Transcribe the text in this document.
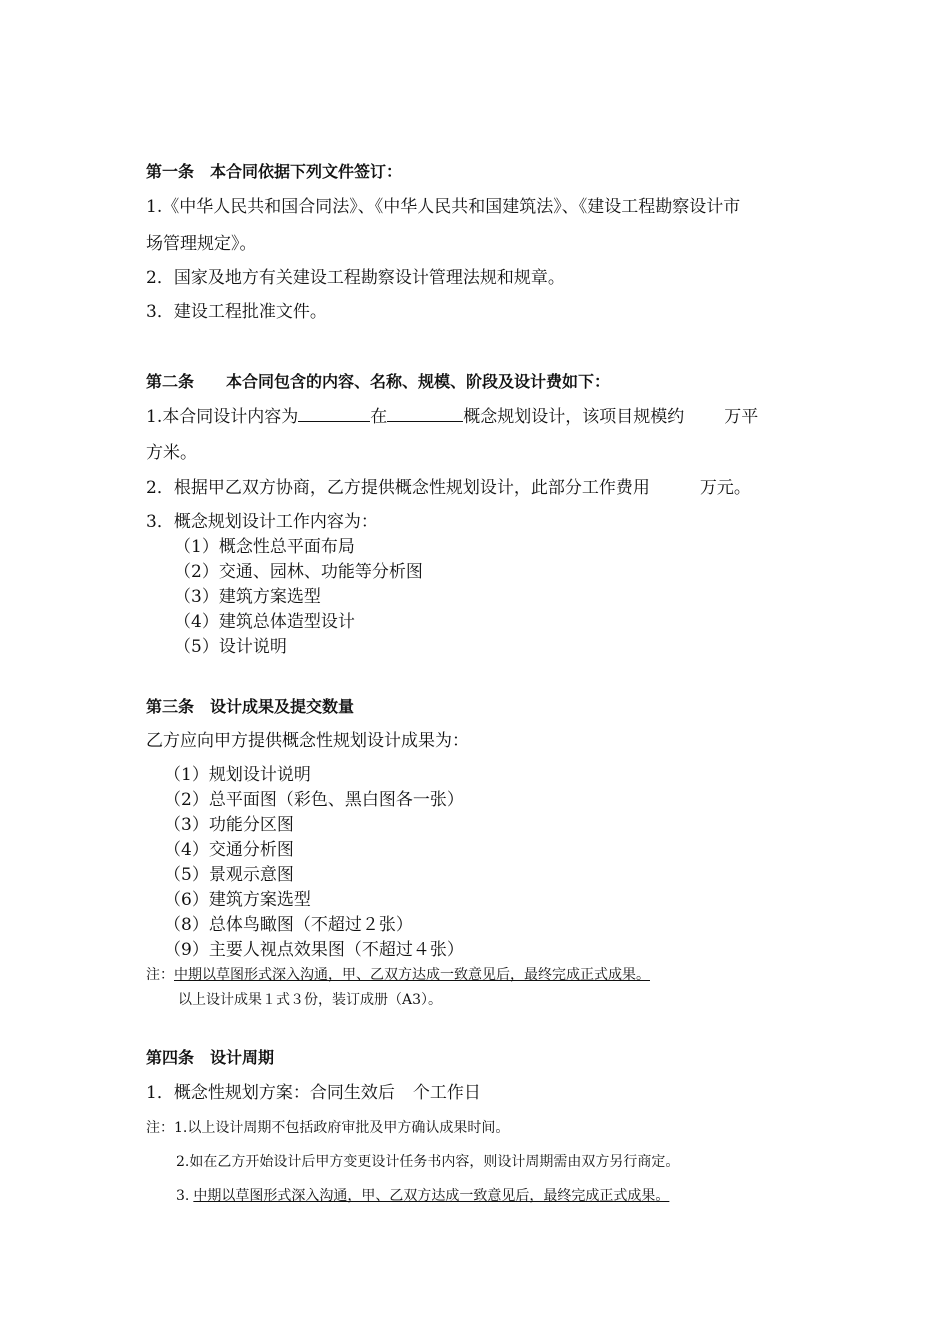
第一条　本合同依据下列文件签订：
1.《中华人民共和国合同法》、《中华人民共和国建筑法》、《建设工程勘察设计市
场管理规定》。
2．国家及地方有关建设工程勘察设计管理法规和规章。
3．建设工程批准文件。
第二条　　本合同包含的内容、名称、规模、阶段及设计费如下：
1.本合同设计内容为	在	概念规划设计，该项目规模约 万平
方米。
2．根据甲乙双方协商，乙方提供概念性规划设计，此部分工作费用	万元。
3．概念规划设计工作内容为：
（1）概念性总平面布局
（2）交通、园林、功能等分析图
（3）建筑方案选型
（4）建筑总体造型设计
（5）设计说明
第三条　设计成果及提交数量
乙方应向甲方提供概念性规划设计成果为：
（1）规划设计说明
（2）总平面图（彩色、黑白图各一张）
（3）功能分区图
（4）交通分析图
（5）景观示意图
（6）建筑方案选型
（8）总体鸟瞰图（不超过２张）
（9）主要人视点效果图（不超过４张）
注：中期以草图形式深入沟通，甲、乙双方达成一致意见后，最终完成正式成果。
以上设计成果１式３份，装订成册（A3）。
第四条　设计周期
1．概念性规划方案：合同生效后 个工作日
注：1.以上设计周期不包括政府审批及甲方确认成果时间。
2.如在乙方开始设计后甲方变更设计任务书内容，则设计周期需由双方另行商定。
3. 中期以草图形式深入沟通，甲、乙双方达成一致意见后，最终完成正式成果。
